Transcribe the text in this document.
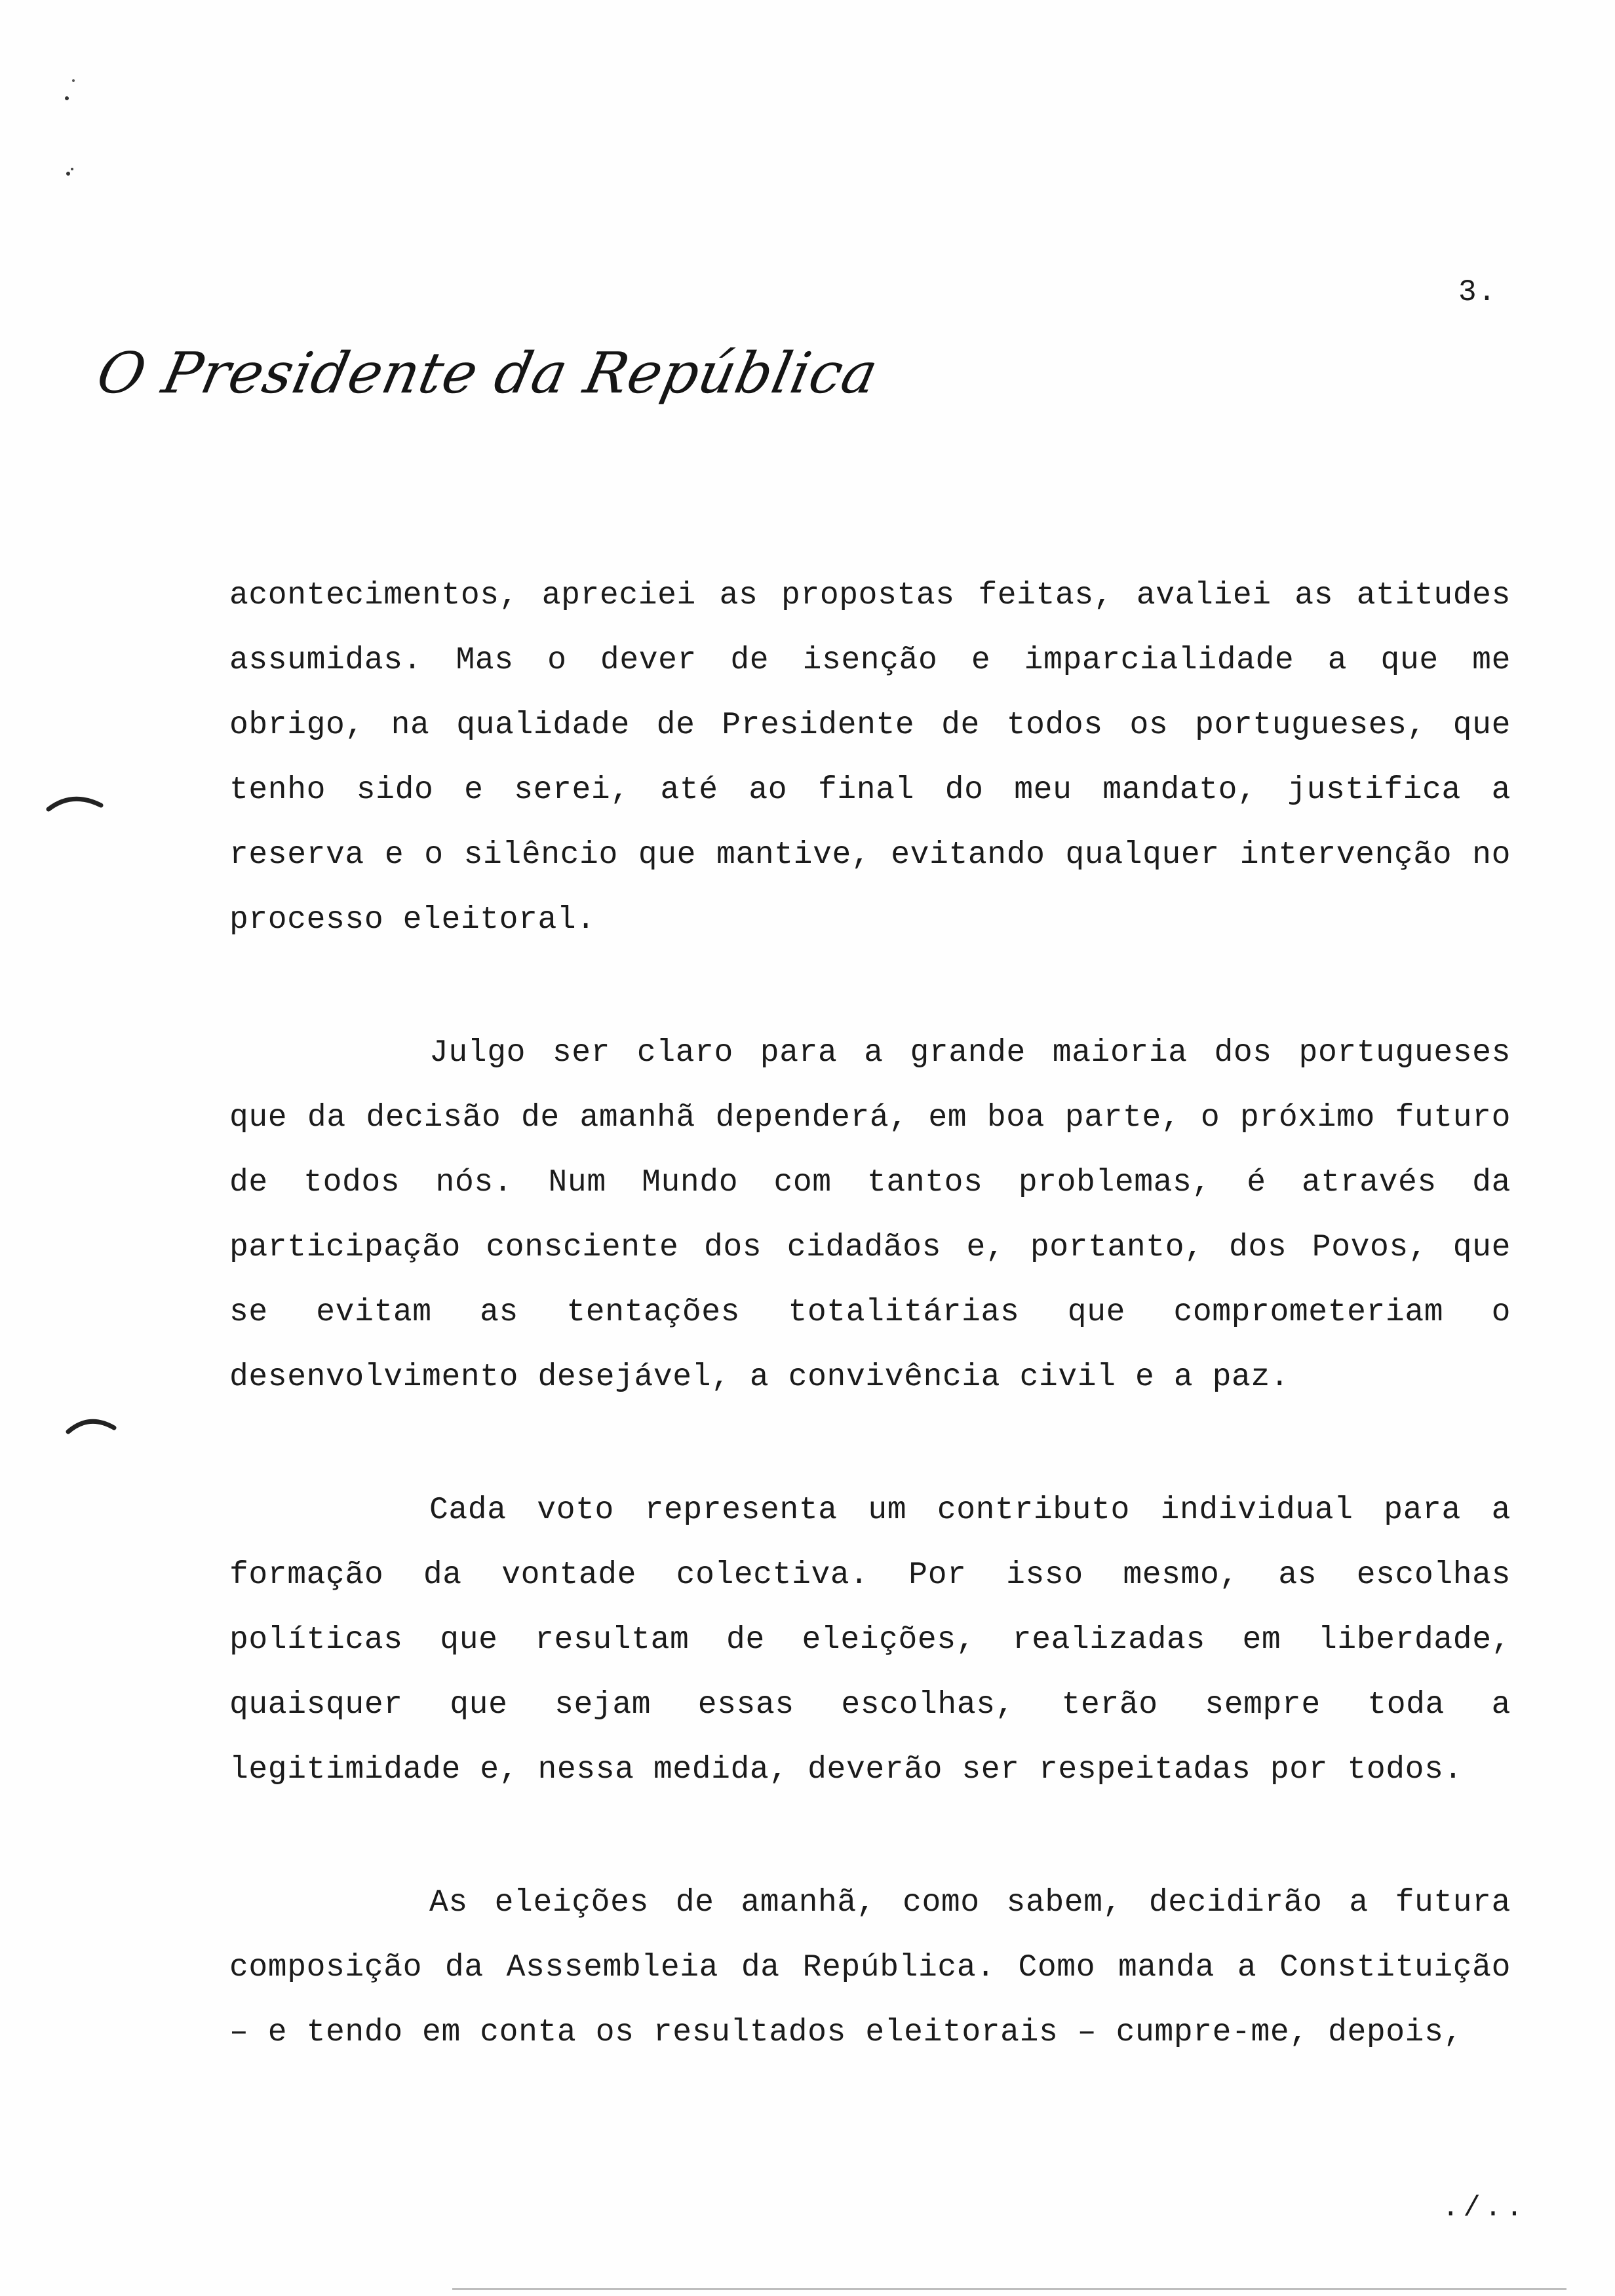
3.
O Presidente da República

acontecimentos, apreciei as propostas feitas, avaliei as atitudes assumidas. Mas o dever de isenção e imparcialidade a que me obrigo, na qualidade de Presidente de todos os portugueses, que tenho sido e serei, até ao final do meu mandato, justifica a reserva e o silêncio que mantive, evitando qualquer intervenção no processo eleitoral.

Julgo ser claro para a grande maioria dos portugueses que da decisão de amanhã dependerá, em boa parte, o próximo futuro de todos nós. Num Mundo com tantos problemas, é através da participação consciente dos cidadãos e, portanto, dos Povos, que se evitam as tentações totalitárias que comprometeriam o desenvolvimento desejável, a convivência civil e a paz.

Cada voto representa um contributo individual para a formação da vontade colectiva. Por isso mesmo, as escolhas políticas que resultam de eleições, realizadas em liberdade, quaisquer que sejam essas escolhas, terão sempre toda a legitimidade e, nessa medida, deverão ser respeitadas por todos.

As eleições de amanhã, como sabem, decidirão a futura composição da Asssembleia da República. Como manda a Constituição – e tendo em conta os resultados eleitorais – cumpre-me, depois,

./..
